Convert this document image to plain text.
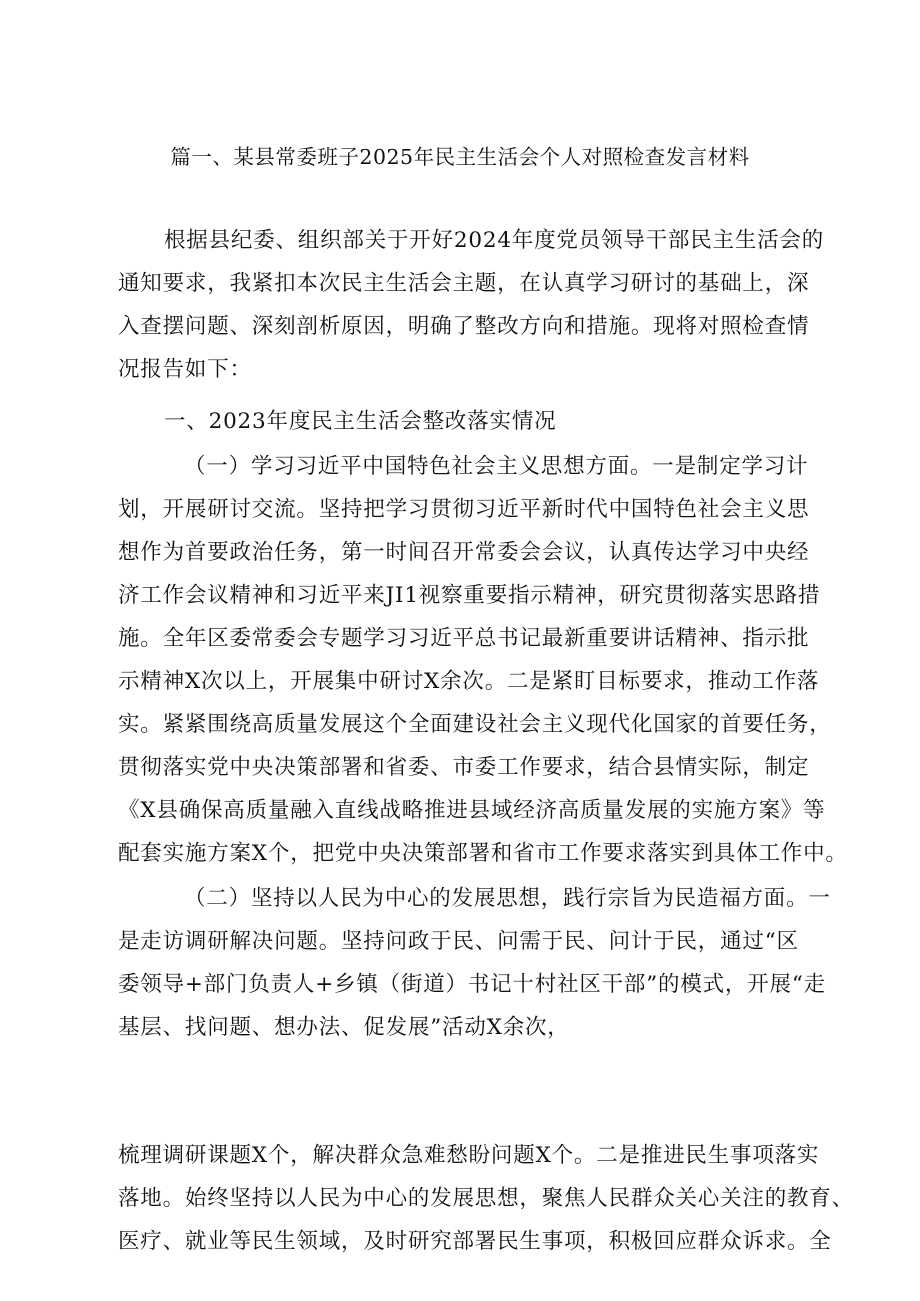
篇一、某县常委班子2025年民主生活会个人对照检查发言材料
根据县纪委、组织部关于开好2024年度党员领导干部民主生活会的
通知要求，我紧扣本次民主生活会主题，在认真学习研讨的基础上，深
入查摆问题、深刻剖析原因，明确了整改方向和措施。现将对照检查情
况报告如下：
一、2023年度民主生活会整改落实情况
（一）学习习近平中国特色社会主义思想方面。一是制定学习计
划，开展研讨交流。坚持把学习贯彻习近平新时代中国特色社会主义思
想作为首要政治任务，第一时间召开常委会会议，认真传达学习中央经
济工作会议精神和习近平来JI1视察重要指示精神，研究贯彻落实思路措
施。全年区委常委会专题学习习近平总书记最新重要讲话精神、指示批
示精神X次以上，开展集中研讨X余次。二是紧盯目标要求，推动工作落
实。紧紧围绕高质量发展这个全面建设社会主义现代化国家的首要任务，
贯彻落实党中央决策部署和省委、市委工作要求，结合县情实际，制定
《X县确保高质量融入直线战略推进县域经济高质量发展的实施方案》等
配套实施方案X个，把党中央决策部署和省市工作要求落实到具体工作中。
（二）坚持以人民为中心的发展思想，践行宗旨为民造福方面。一
是走访调研解决问题。坚持问政于民、问需于民、问计于民，通过“区
委领导+部门负责人+乡镇（街道）书记十村社区干部”的模式，开展“走
基层、找问题、想办法、促发展”活动X余次，
梳理调研课题X个，解决群众急难愁盼问题X个。二是推进民生事项落实
落地。始终坚持以人民为中心的发展思想，聚焦人民群众关心关注的教育、
医疗、就业等民生领域，及时研究部署民生事项，积极回应群众诉求。全
